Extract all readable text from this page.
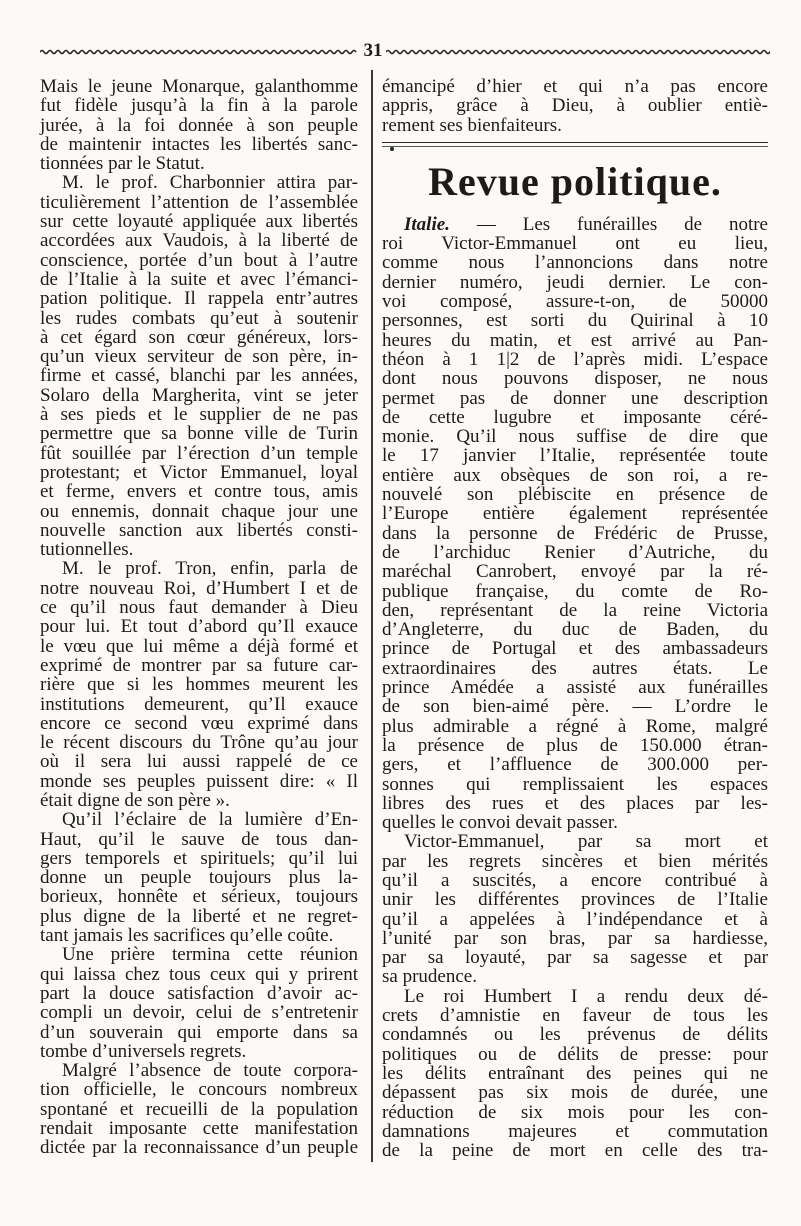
31
Mais le jeune Monarque, galanthomme
fut fidèle jusqu’à la fin à la parole
jurée, à la foi donnée à son peuple
de maintenir intactes les libertés sanc-
tionnées par le Statut.
M. le prof. Charbonnier attira par-
ticulièrement l’attention de l’assemblée
sur cette loyauté appliquée aux libertés
accordées aux Vaudois, à la liberté de
conscience, portée d’un bout à l’autre
de l’Italie à la suite et avec l’émanci-
pation politique. Il rappela entr’autres
les rudes combats qu’eut à soutenir
à cet égard son cœur généreux, lors-
qu’un vieux serviteur de son père, in-
firme et cassé, blanchi par les années,
Solaro della Margherita, vint se jeter
à ses pieds et le supplier de ne pas
permettre que sa bonne ville de Turin
fût souillée par l’érection d’un temple
protestant; et Victor Emmanuel, loyal
et ferme, envers et contre tous, amis
ou ennemis, donnait chaque jour une
nouvelle sanction aux libertés consti-
tutionnelles.
M. le prof. Tron, enfin, parla de
notre nouveau Roi, d’Humbert I et de
ce qu’il nous faut demander à Dieu
pour lui. Et tout d’abord qu’Il exauce
le vœu que lui même a déjà formé et
exprimé de montrer par sa future car-
rière que si les hommes meurent les
institutions demeurent, qu’Il exauce
encore ce second vœu exprimé dans
le récent discours du Trône qu’au jour
où il sera lui aussi rappelé de ce
monde ses peuples puissent dire: « Il
était digne de son père ».
Qu’il l’éclaire de la lumière d’En-
Haut, qu’il le sauve de tous dan-
gers temporels et spirituels; qu’il lui
donne un peuple toujours plus la-
borieux, honnête et sérieux, toujours
plus digne de la liberté et ne regret-
tant jamais les sacrifices qu’elle coûte.
Une prière termina cette réunion
qui laissa chez tous ceux qui y prirent
part la douce satisfaction d’avoir ac-
compli un devoir, celui de s’entretenir
d’un souverain qui emporte dans sa
tombe d’universels regrets.
Malgré l’absence de toute corpora-
tion officielle, le concours nombreux
spontané et recueilli de la population
rendait imposante cette manifestation
dictée par la reconnaissance d’un peuple
émancipé d’hier et qui n’a pas encore
appris, grâce à Dieu, à oublier entiè-
rement ses bienfaiteurs.
Revue politique.
Italie. — Les funérailles de notre
roi Victor-Emmanuel ont eu lieu,
comme nous l’annoncions dans notre
dernier numéro, jeudi dernier. Le con-
voi composé, assure-t-on, de 50000
personnes, est sorti du Quirinal à 10
heures du matin, et est arrivé au Pan-
théon à 1 1|2 de l’après midi. L’espace
dont nous pouvons disposer, ne nous
permet pas de donner une description
de cette lugubre et imposante céré-
monie. Qu’il nous suffise de dire que
le 17 janvier l’Italie, représentée toute
entière aux obsèques de son roi, a re-
nouvelé son plébiscite en présence de
l’Europe entière également représentée
dans la personne de Frédéric de Prusse,
de l’archiduc Renier d’Autriche, du
maréchal Canrobert, envoyé par la ré-
publique française, du comte de Ro-
den, représentant de la reine Victoria
d’Angleterre, du duc de Baden, du
prince de Portugal et des ambassadeurs
extraordinaires des autres états. Le
prince Amédée a assisté aux funérailles
de son bien-aimé père. — L’ordre le
plus admirable a régné à Rome, malgré
la présence de plus de 150.000 étran-
gers, et l’affluence de 300.000 per-
sonnes qui remplissaient les espaces
libres des rues et des places par les-
quelles le convoi devait passer.
Victor-Emmanuel, par sa mort et
par les regrets sincères et bien mérités
qu’il a suscités, a encore contribué à
unir les différentes provinces de l’Italie
qu’il a appelées à l’indépendance et à
l’unité par son bras, par sa hardiesse,
par sa loyauté, par sa sagesse et par
sa prudence.
Le roi Humbert I a rendu deux dé-
crets d’amnistie en faveur de tous les
condamnés ou les prévenus de délits
politiques ou de délits de presse: pour
les délits entraînant des peines qui ne
dépassent pas six mois de durée, une
réduction de six mois pour les con-
damnations majeures et commutation
de la peine de mort en celle des tra-
